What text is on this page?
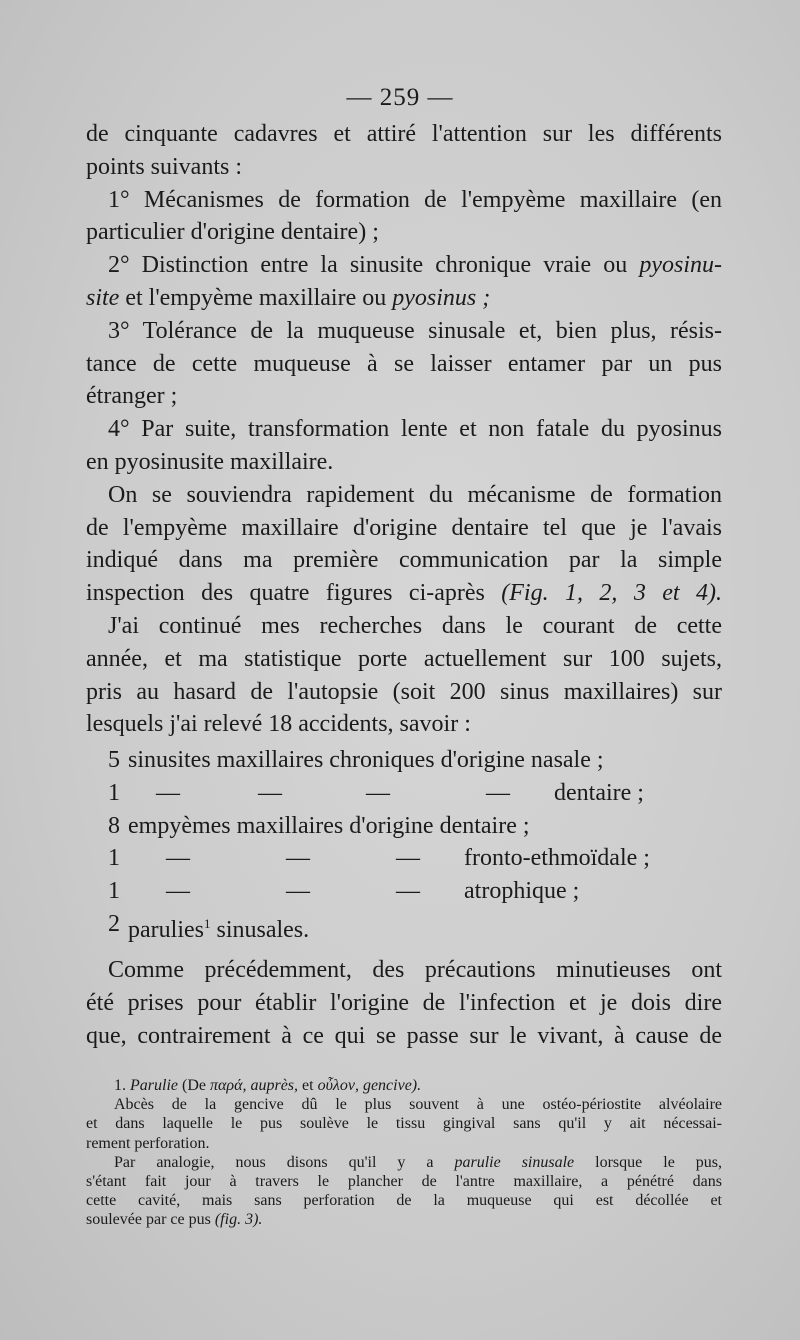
— 259 —
de cinquante cadavres et attiré l'attention sur les différents
points suivants :
1° Mécanismes de formation de l'empyème maxillaire (en
particulier d'origine dentaire) ;
2° Distinction entre la sinusite chronique vraie ou pyosinu-
site et l'empyème maxillaire ou pyosinus ;
3° Tolérance de la muqueuse sinusale et, bien plus, résis-
tance de cette muqueuse à se laisser entamer par un pus
étranger ;
4° Par suite, transformation lente et non fatale du pyosinus
en pyosinusite maxillaire.
On se souviendra rapidement du mécanisme de formation
de l'empyème maxillaire d'origine dentaire tel que je l'avais
indiqué dans ma première communication par la simple
inspection des quatre figures ci-après (Fig. 1, 2, 3 et 4).
J'ai continué mes recherches dans le courant de cette
année, et ma statistique porte actuellement sur 100 sujets,
pris au hasard de l'autopsie (soit 200 sinus maxillaires) sur
lesquels j'ai relevé 18 accidents, savoir :
5 sinusites maxillaires chroniques d'origine nasale ;
1 —	—	—	— dentaire ;
8 empyèmes maxillaires d'origine dentaire ;
1 —	—	— fronto-ethmoïdale ;
1 —	—	— atrophique ;
2 parulies$^1$ sinusales.
Comme précédemment, des précautions minutieuses ont
été prises pour établir l'origine de l'infection et je dois dire
que, contrairement à ce qui se passe sur le vivant, à cause de
1. Parulie (De παρά, auprès, et οὖλον, gencive).
Abcès de la gencive dû le plus souvent à une ostéo-périostite alvéolaire
et dans laquelle le pus soulève le tissu gingival sans qu'il y ait nécessai-
rement perforation.
Par analogie, nous disons qu'il y a parulie sinusale lorsque le pus,
s'étant fait jour à travers le plancher de l'antre maxillaire, a pénétré dans
cette cavité, mais sans perforation de la muqueuse qui est décollée et
soulevée par ce pus (fig. 3).
